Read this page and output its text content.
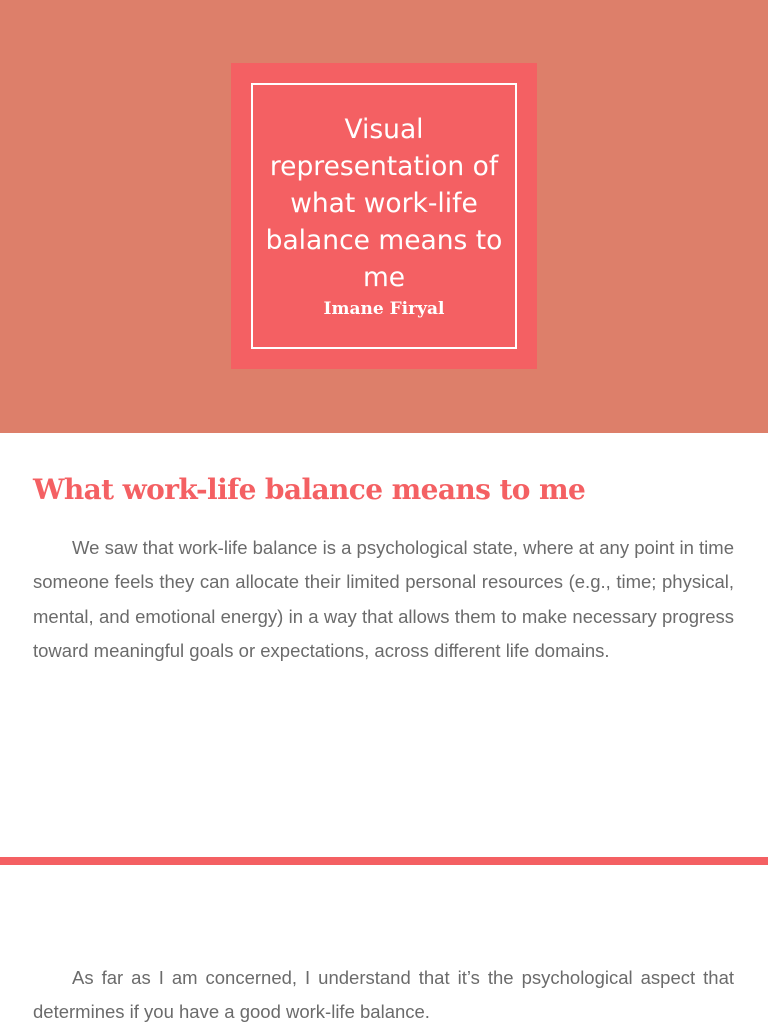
Visual representation of what work-life balance means to me
Imane Firyal
What work-life balance means to me

We saw that work-life balance is a psychological state, where at any point in time someone feels they can allocate their limited personal resources (e.g., time; physical, mental, and emotional energy) in a way that allows them to make necessary progress toward meaningful goals or expectations, across different life domains.

As far as I am concerned, I understand that it’s the psychological aspect that determines if you have a good work-life balance.
